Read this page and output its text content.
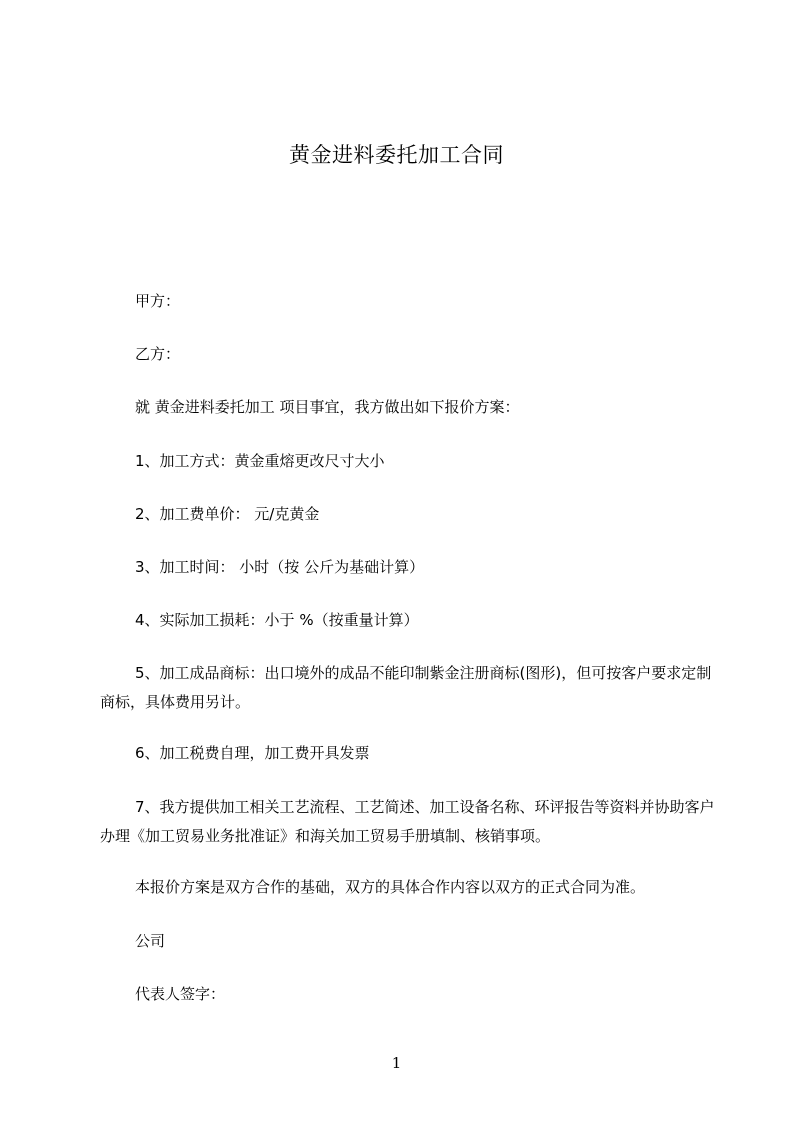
黄金进料委托加工合同
甲方：
乙方：
就 黄金进料委托加工 项目事宜，我方做出如下报价方案：
1、加工方式：黄金重熔更改尺寸大小
2、加工费单价： 元/克黄金
3、加工时间： 小时（按 公斤为基础计算）
4、实际加工损耗：小于 %（按重量计算）
5、加工成品商标：出口境外的成品不能印制紫金注册商标(图形)，但可按客户要求定制商标，具体费用另计。
6、加工税费自理，加工费开具发票
7、我方提供加工相关工艺流程、工艺简述、加工设备名称、环评报告等资料并协助客户办理《加工贸易业务批准证》和海关加工贸易手册填制、核销事项。
本报价方案是双方合作的基础，双方的具体合作内容以双方的正式合同为准。
公司
代表人签字：
1
